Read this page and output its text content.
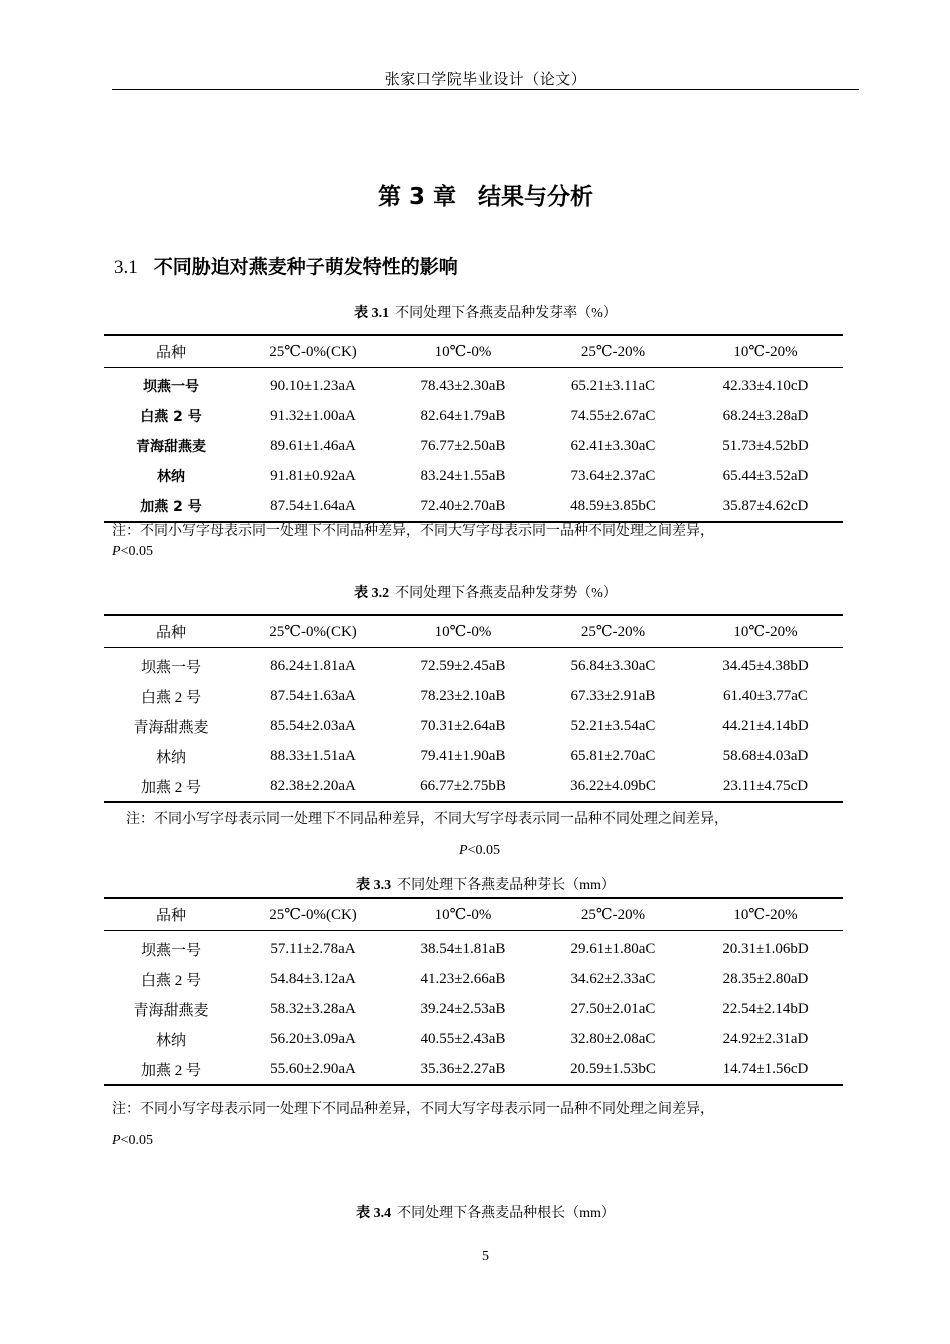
张家口学院毕业设计（论文）
第 3 章 结果与分析
3.1 不同胁迫对燕麦种子萌发特性的影响
表 3.1 不同处理下各燕麦品种发芽率（%）
品种	25℃-0%(CK)	10℃-0%	25℃-20%	10℃-20%
坝燕一号	90.10±1.23aA	78.43±2.30aB	65.21±3.11aC	42.33±4.10cD
白燕 2 号	91.32±1.00aA	82.64±1.79aB	74.55±2.67aC	68.24±3.28aD
青海甜燕麦	89.61±1.46aA	76.77±2.50aB	62.41±3.30aC	51.73±4.52bD
林纳	91.81±0.92aA	83.24±1.55aB	73.64±2.37aC	65.44±3.52aD
加燕 2 号	87.54±1.64aA	72.40±2.70aB	48.59±3.85bC	35.87±4.62cD
注：不同小写字母表示同一处理下不同品种差异，不同大写字母表示同一品种不同处理之间差异，
P<0.05
表 3.2 不同处理下各燕麦品种发芽势（%）
品种	25℃-0%(CK)	10℃-0%	25℃-20%	10℃-20%
坝燕一号	86.24±1.81aA	72.59±2.45aB	56.84±3.30aC	34.45±4.38bD
白燕 2 号	87.54±1.63aA	78.23±2.10aB	67.33±2.91aB	61.40±3.77aC
青海甜燕麦	85.54±2.03aA	70.31±2.64aB	52.21±3.54aC	44.21±4.14bD
林纳	88.33±1.51aA	79.41±1.90aB	65.81±2.70aC	58.68±4.03aD
加燕 2 号	82.38±2.20aA	66.77±2.75bB	36.22±4.09bC	23.11±4.75cD
注：不同小写字母表示同一处理下不同品种差异，不同大写字母表示同一品种不同处理之间差异，
P<0.05
表 3.3 不同处理下各燕麦品种芽长（mm）
品种	25℃-0%(CK)	10℃-0%	25℃-20%	10℃-20%
坝燕一号	57.11±2.78aA	38.54±1.81aB	29.61±1.80aC	20.31±1.06bD
白燕 2 号	54.84±3.12aA	41.23±2.66aB	34.62±2.33aC	28.35±2.80aD
青海甜燕麦	58.32±3.28aA	39.24±2.53aB	27.50±2.01aC	22.54±2.14bD
林纳	56.20±3.09aA	40.55±2.43aB	32.80±2.08aC	24.92±2.31aD
加燕 2 号	55.60±2.90aA	35.36±2.27aB	20.59±1.53bC	14.74±1.56cD
注：不同小写字母表示同一处理下不同品种差异，不同大写字母表示同一品种不同处理之间差异，
P<0.05
表 3.4 不同处理下各燕麦品种根长（mm）
5
